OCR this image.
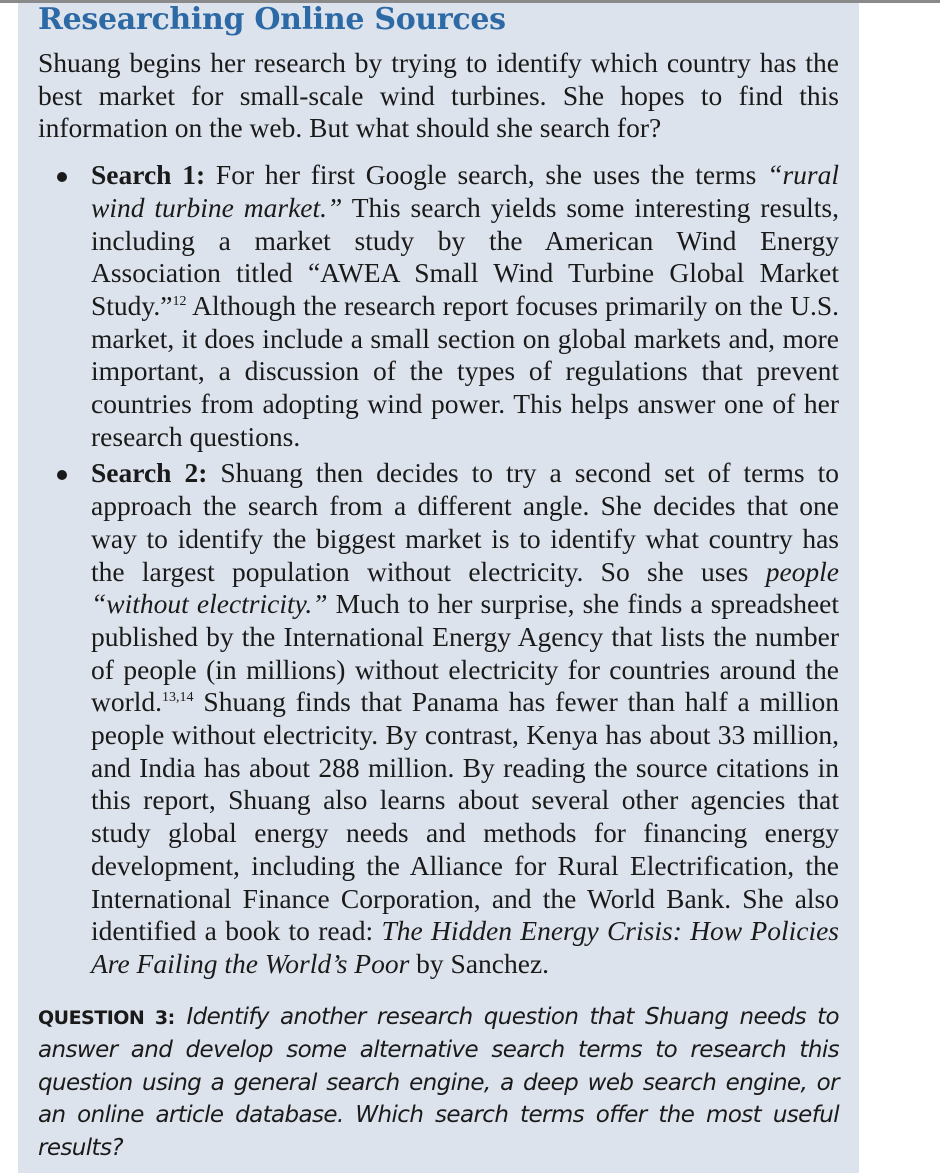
Researching Online Sources

Shuang begins her research by trying to identify which country has the best market for small-scale wind turbines. She hopes to find this information on the web. But what should she search for?

Search 1: For her first Google search, she uses the terms “rural wind turbine market.” This search yields some interesting results, including a market study by the American Wind Energy Association titled “AWEA Small Wind Turbine Global Market Study.”$^{12}$ Although the research report focuses primarily on the U.S. market, it does include a small section on global markets and, more important, a discussion of the types of regulations that prevent countries from adopting wind power. This helps answer one of her research questions.
Search 2: Shuang then decides to try a second set of terms to approach the search from a different angle. She decides that one way to identify the biggest market is to identify what country has the largest population without electricity. So she uses people “without electricity.” Much to her surprise, she finds a spreadsheet published by the International Energy Agency that lists the number of people (in millions) without electricity for countries around the world.$^{13,14}$ Shuang finds that Panama has fewer than half a million people without electricity. By contrast, Kenya has about 33 million, and India has about 288 million. By reading the source citations in this report, Shuang also learns about several other agencies that study global energy needs and methods for financing energy development, including the Alliance for Rural Electrification, the International Finance Corporation, and the World Bank. She also identified a book to read: The Hidden Energy Crisis: How Policies Are Failing the World’s Poor by Sanchez.

QUESTION 3: Identify another research question that Shuang needs to answer and develop some alternative search terms to research this question using a general search engine, a deep web search engine, or an online article database. Which search terms offer the most useful results?
